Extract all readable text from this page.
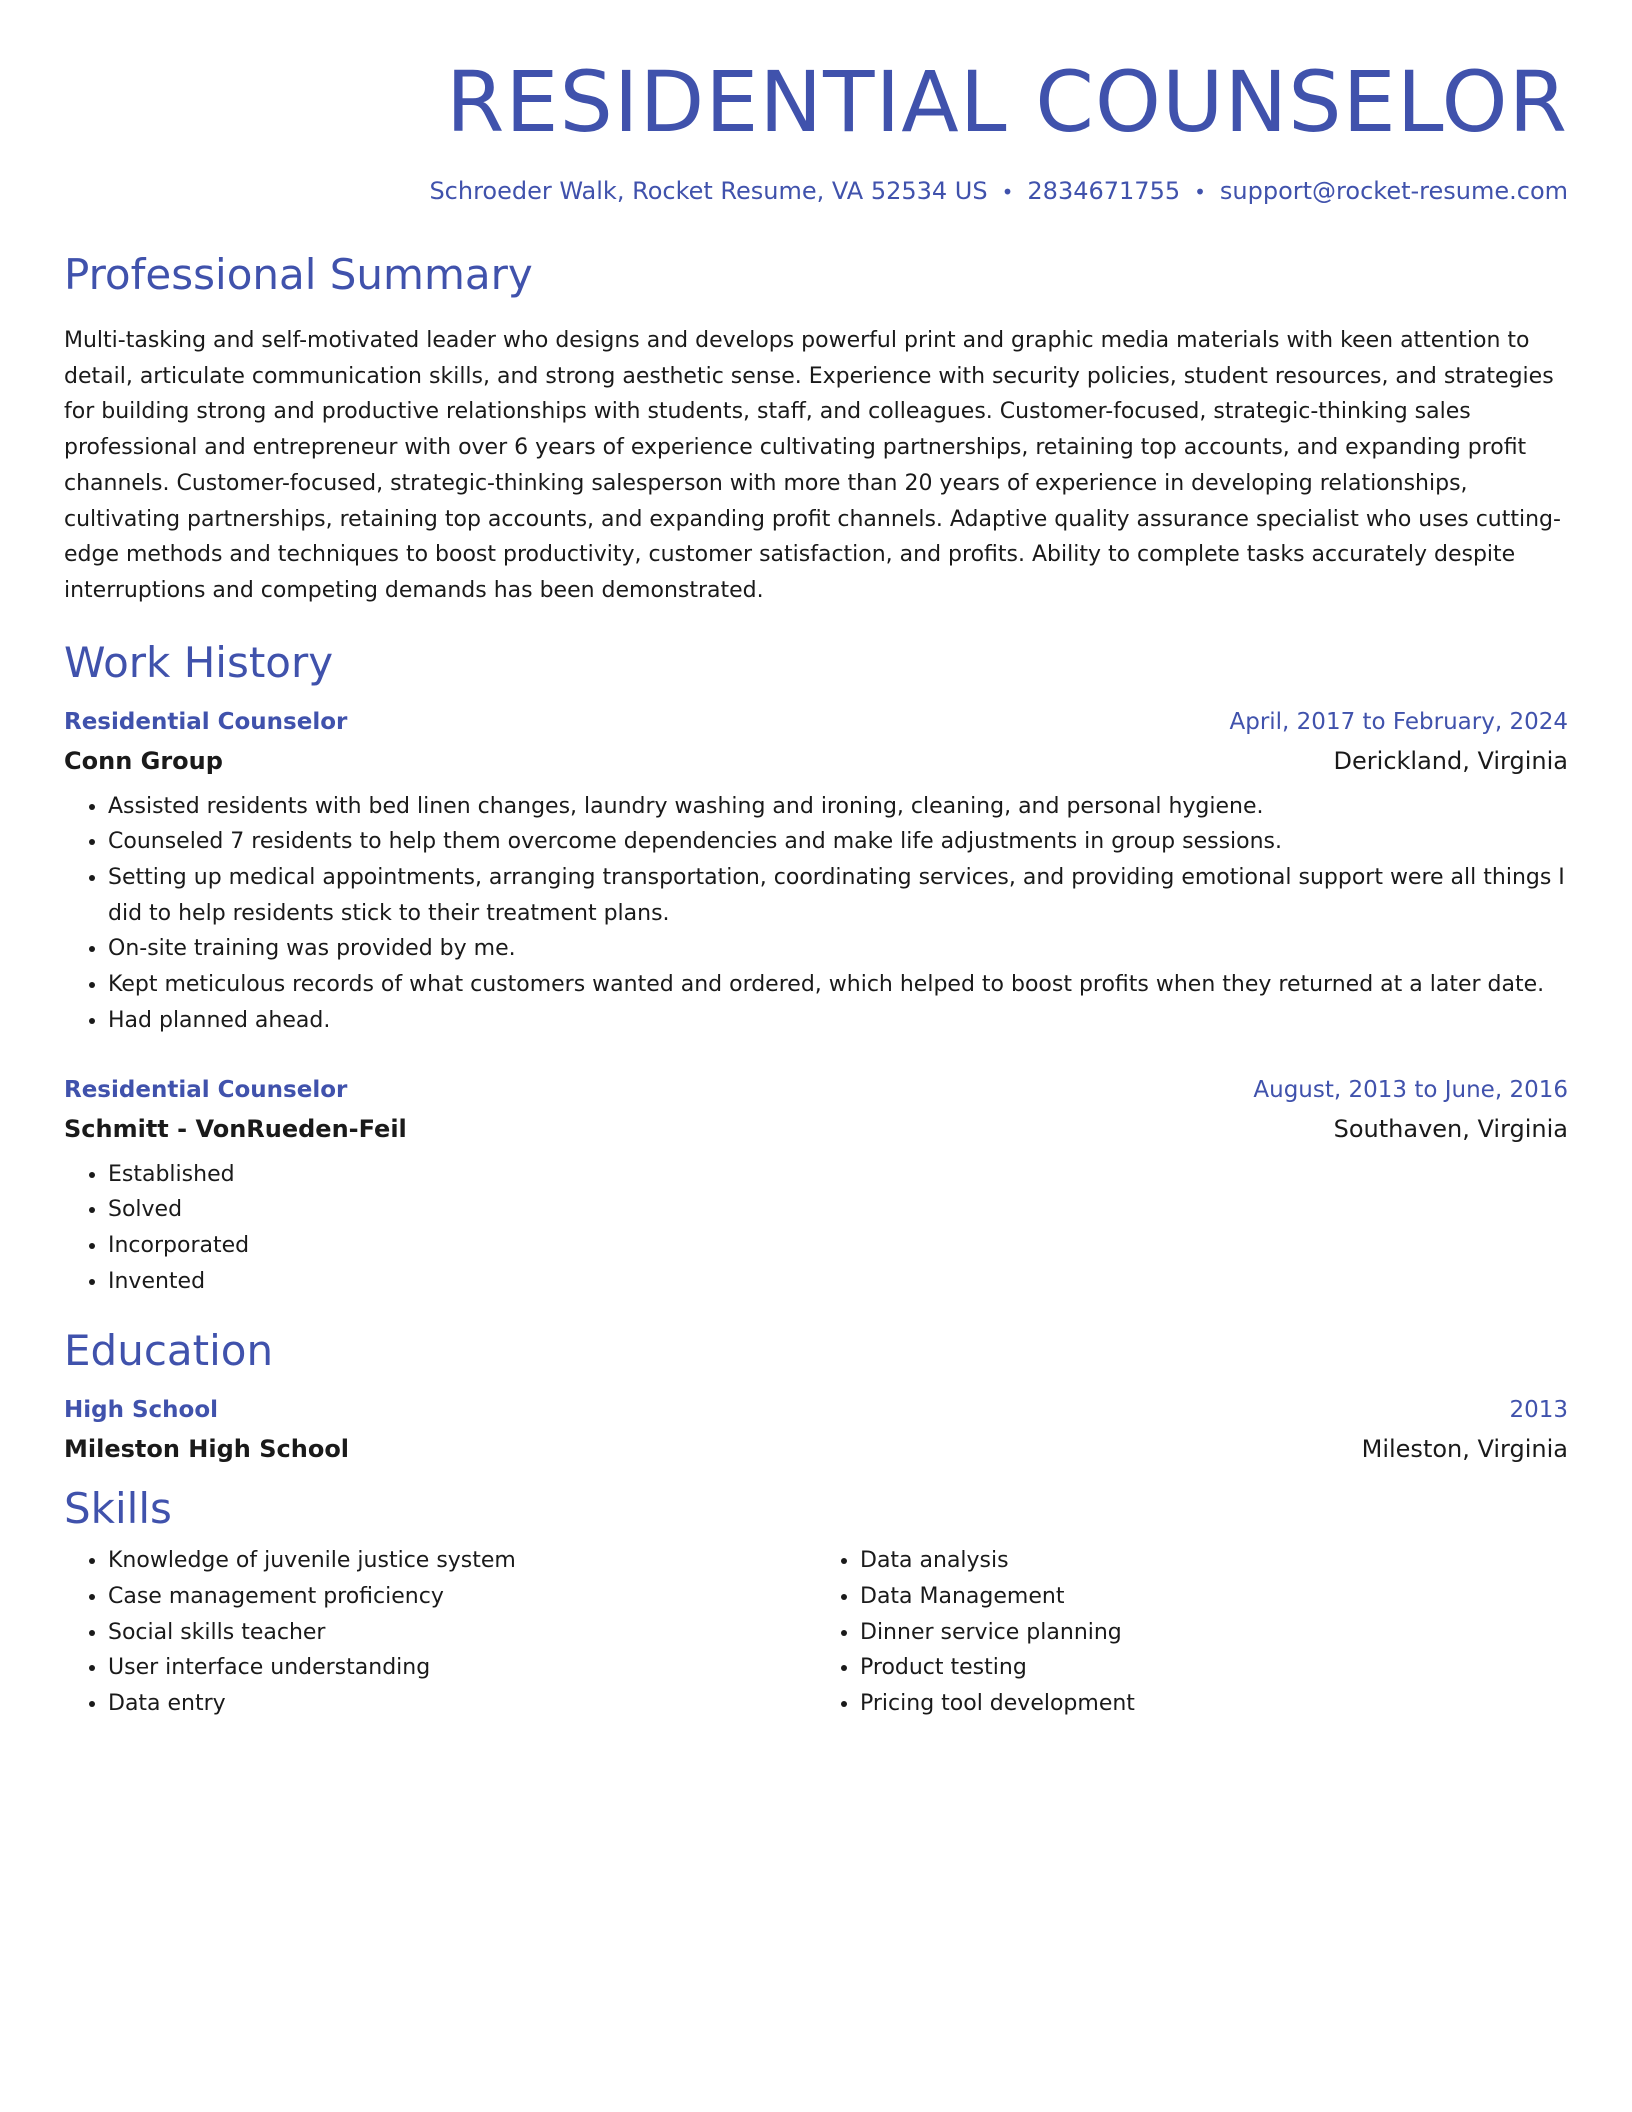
RESIDENTIAL COUNSELOR
Schroeder Walk, Rocket Resume, VA 52534 US • 2834671755 • support@rocket-resume.com
Professional Summary
Multi-tasking and self-motivated leader who designs and develops powerful print and graphic media materials with keen attention to detail, articulate communication skills, and strong aesthetic sense. Experience with security policies, student resources, and strategies for building strong and productive relationships with students, staff, and colleagues. Customer-focused, strategic-thinking sales professional and entrepreneur with over 6 years of experience cultivating partnerships, retaining top accounts, and expanding profit channels. Customer-focused, strategic-thinking salesperson with more than 20 years of experience in developing relationships, cultivating partnerships, retaining top accounts, and expanding profit channels. Adaptive quality assurance specialist who uses cutting-edge methods and techniques to boost productivity, customer satisfaction, and profits. Ability to complete tasks accurately despite interruptions and competing demands has been demonstrated.
Work History
Residential Counselor	April, 2017 to February, 2024
Conn Group	Derickland, Virginia
• Assisted residents with bed linen changes, laundry washing and ironing, cleaning, and personal hygiene.
• Counseled 7 residents to help them overcome dependencies and make life adjustments in group sessions.
• Setting up medical appointments, arranging transportation, coordinating services, and providing emotional support were all things I did to help residents stick to their treatment plans.
• On-site training was provided by me.
• Kept meticulous records of what customers wanted and ordered, which helped to boost profits when they returned at a later date.
• Had planned ahead.
Residential Counselor	August, 2013 to June, 2016
Schmitt - VonRueden-Feil	Southaven, Virginia
• Established
• Solved
• Incorporated
• Invented
Education
High School	2013
Mileston High School	Mileston, Virginia
Skills
• Knowledge of juvenile justice system
• Case management proficiency
• Social skills teacher
• User interface understanding
• Data entry
• Data analysis
• Data Management
• Dinner service planning
• Product testing
• Pricing tool development
